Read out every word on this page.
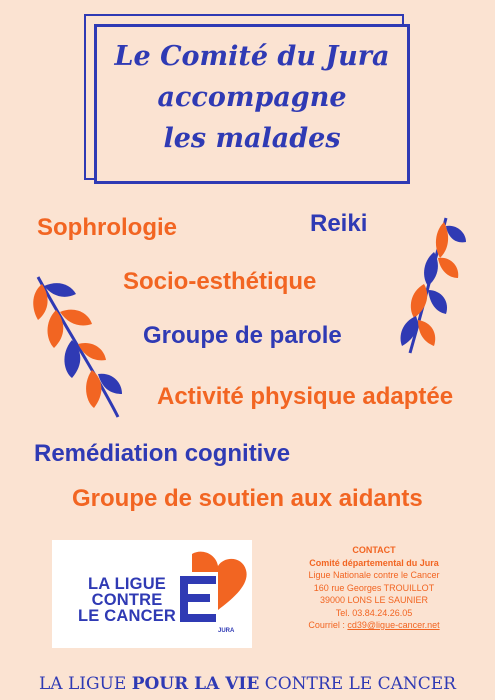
Le Comité du Jura
accompagne
les malades
Sophrologie	Reiki
Socio-esthétique
Groupe de parole
Activité physique adaptée
Remédiation cognitive
Groupe de soutien aux aidants
LA LIGUE
CONTRE
LE CANCER
JURA
CONTACT
Comité départemental du Jura
Ligue Nationale contre le Cancer
160 rue Georges TROUILLOT
39000 LONS LE SAUNIER
Tel. 03.84.24.26.05
Courriel : cd39@ligue-cancer.net
LA LIGUE POUR LA VIE CONTRE LE CANCER
